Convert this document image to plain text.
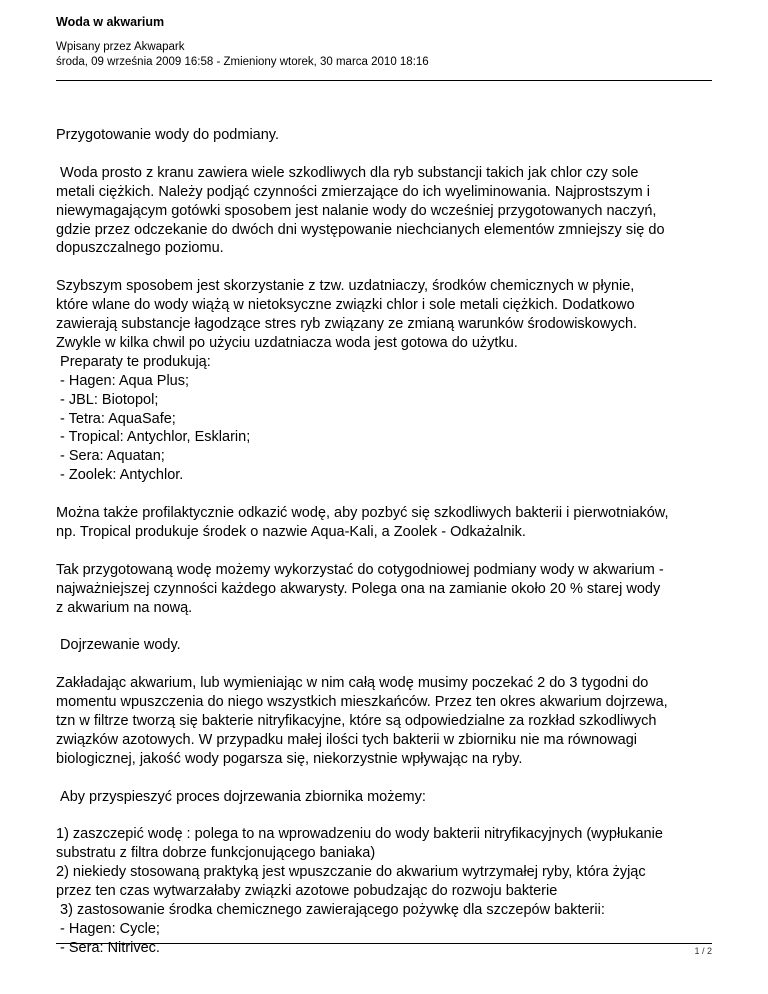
Woda w akwarium
Wpisany przez Akwapark
środa, 09 września 2009 16:58 - Zmieniony wtorek, 30 marca 2010 18:16

Przygotowanie wody do podmiany.

Woda prosto z kranu zawiera wiele szkodliwych dla ryb substancji takich jak chlor czy sole
metali ciężkich. Należy podjąć czynności zmierzające do ich wyeliminowania. Najprostszym i
niewymagającym gotówki sposobem jest nalanie wody do wcześniej przygotowanych naczyń,
gdzie przez odczekanie do dwóch dni występowanie niechcianych elementów zmniejszy się do
dopuszczalnego poziomu.

Szybszym sposobem jest skorzystanie z tzw. uzdatniaczy, środków chemicznych w płynie,
które wlane do wody wiążą w nietoksyczne związki chlor i sole metali ciężkich. Dodatkowo
zawierają substancje łagodzące stres ryb związany ze zmianą warunków środowiskowych.
Zwykle w kilka chwil po użyciu uzdatniacza woda jest gotowa do użytku.
Preparaty te produkują:
- Hagen: Aqua Plus;
- JBL: Biotopol;
- Tetra: AquaSafe;
- Tropical: Antychlor, Esklarin;
- Sera: Aquatan;
- Zoolek: Antychlor.

Można także profilaktycznie odkazić wodę, aby pozbyć się szkodliwych bakterii i pierwotniaków,
np. Tropical produkuje środek o nazwie Aqua-Kali, a Zoolek - Odkażalnik.

Tak przygotowaną wodę możemy wykorzystać do cotygodniowej podmiany wody w akwarium -
najważniejszej czynności każdego akwarysty. Polega ona na zamianie około 20 % starej wody
z akwarium na nową.

Dojrzewanie wody.

Zakładając akwarium, lub wymieniając w nim całą wodę musimy poczekać 2 do 3 tygodni do
momentu wpuszczenia do niego wszystkich mieszkańców. Przez ten okres akwarium dojrzewa,
tzn w filtrze tworzą się bakterie nitryfikacyjne, które są odpowiedzialne za rozkład szkodliwych
związków azotowych. W przypadku małej ilości tych bakterii w zbiorniku nie ma równowagi
biologicznej, jakość wody pogarsza się, niekorzystnie wpływając na ryby.

Aby przyspieszyć proces dojrzewania zbiornika możemy:

1) zaszczepić wodę : polega to na wprowadzeniu do wody bakterii nitryfikacyjnych (wypłukanie
substratu z filtra dobrze funkcjonującego baniaka)
2) niekiedy stosowaną praktyką jest wpuszczanie do akwarium wytrzymałej ryby, która żyjąc
przez ten czas wytwarzałaby związki azotowe pobudzając do rozwoju bakterie
3) zastosowanie środka chemicznego zawierającego pożywkę dla szczepów bakterii:
- Hagen: Cycle;
- Sera: Nitrivec.	1 / 2
